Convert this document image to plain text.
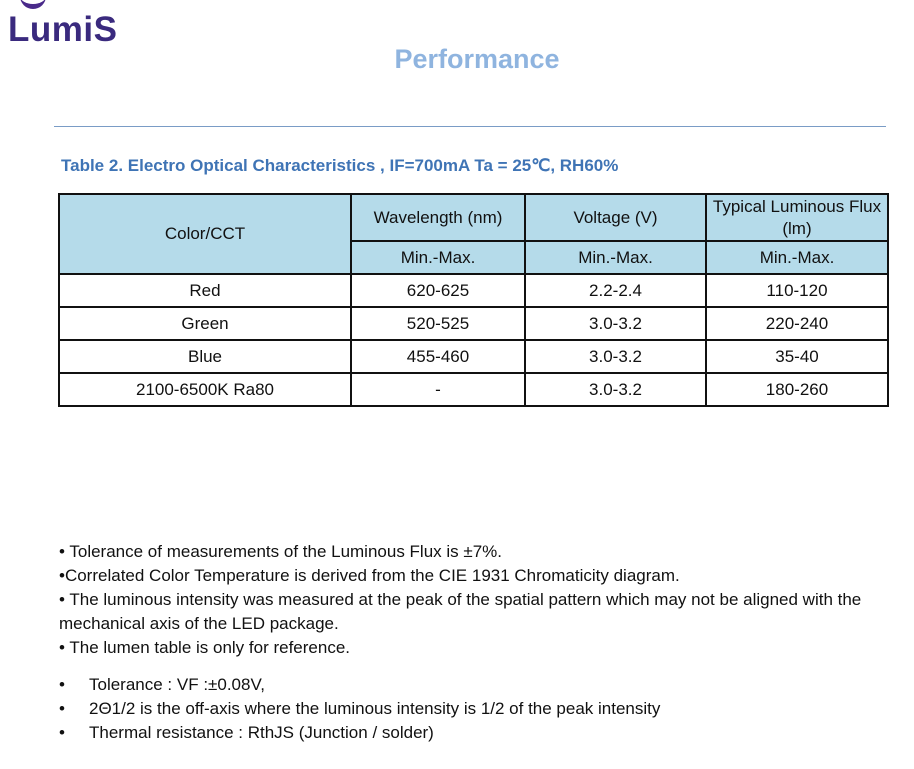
LumiS
Performance
Table 2. Electro Optical Characteristics , IF=700mA Ta = 25℃, RH60%
Color/CCT	Wavelength (nm)	Voltage (V)	Typical Luminous Flux (lm)
	Min.-Max.	Min.-Max.	Min.-Max.
Red	620-625	2.2-2.4	110-120
Green	520-525	3.0-3.2	220-240
Blue	455-460	3.0-3.2	35-40
2100-6500K Ra80	-	3.0-3.2	180-260

• Tolerance of measurements of the Luminous Flux is ±7%.

•Correlated Color Temperature is derived from the CIE 1931 Chromaticity diagram.

• The luminous intensity was measured at the peak of the spatial pattern which may not be aligned with the mechanical axis of the LED package.

• The lumen table is only for reference.

•	Tolerance : VF :±0.08V,
•	2Θ1/2 is the off-axis where the luminous intensity is 1/2 of the peak intensity
•	Thermal resistance : RthJS (Junction / solder)
